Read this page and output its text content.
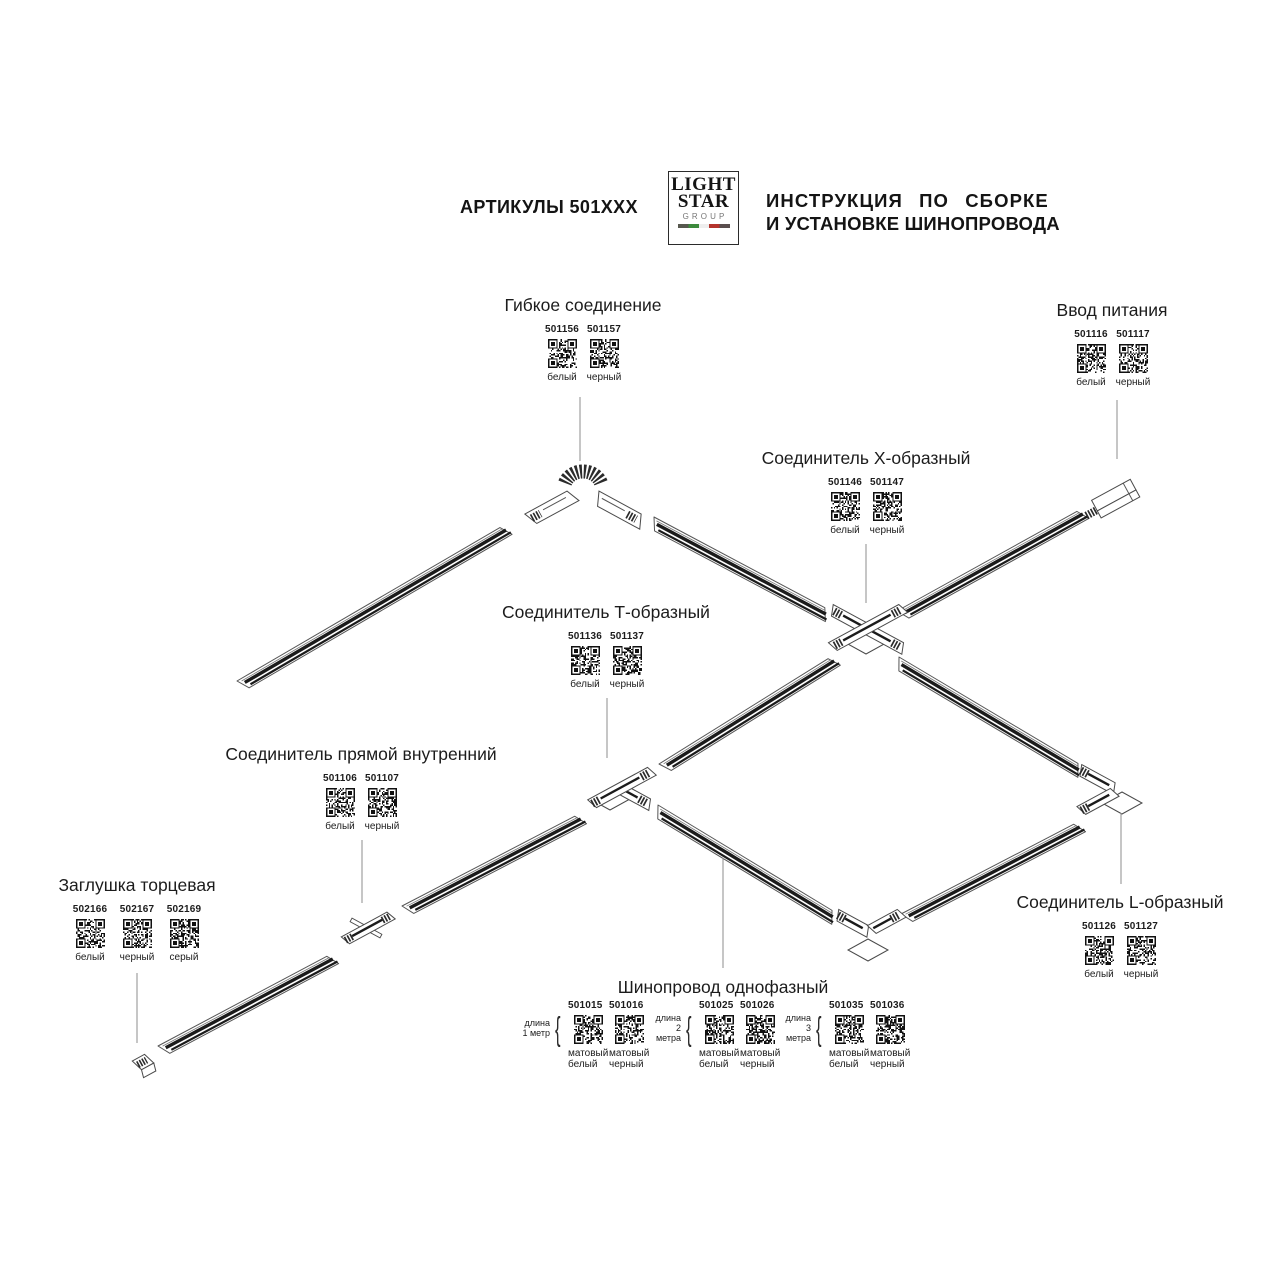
АРТИКУЛЫ 501ХХХ
LIGHT
STAR
GROUP
ИНСТРУКЦИЯ ПО СБОРКЕ
И УСТАНОВКЕ ШИНОПРОВОДА
Гибкое соединение
501156
белый
501157
черный
Ввод питания
501116
белый
501117
черный
Соединитель Х-образный
501146
белый
501147
черный
Соединитель Т-образный
501136
белый
501137
черный
Соединитель прямой внутренний
501106
белый
501107
черный
Заглушка торцевая
502166
белый
502167
черный
502169
серый
Соединитель L-образный
501126
белый
501127
черный
Шинопровод однофазный
длина
1 метр {
501015
матовый белый
501016
матовый черный
длина
2 метра {
501025
матовый белый
501026
матовый черный
длина
3 метра {
501035
матовый белый
501036
матовый черный
